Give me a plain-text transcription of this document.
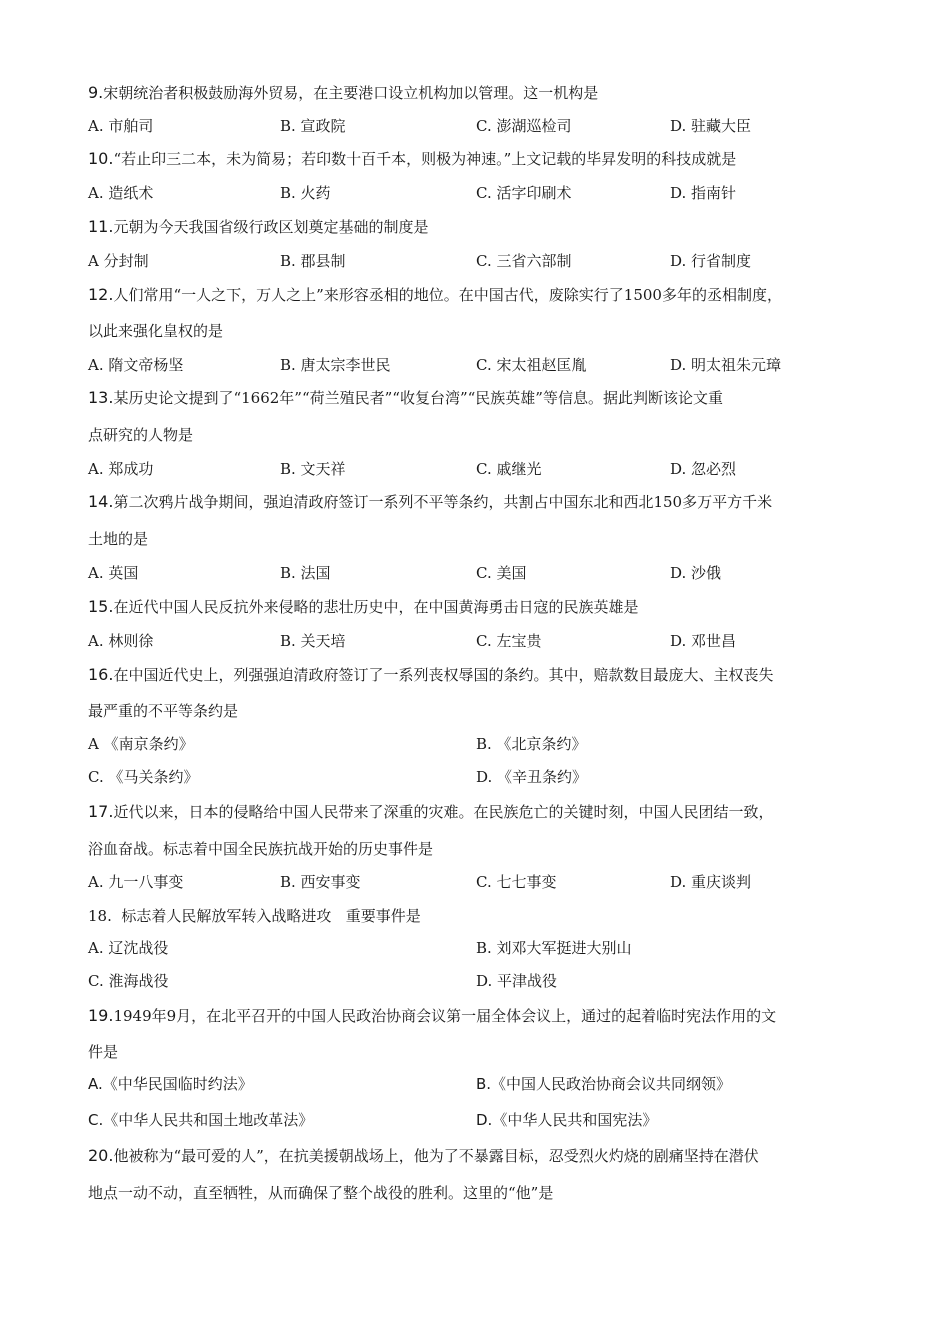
9.宋朝统治者积极鼓励海外贸易，在主要港口设立机构加以管理。这一机构是
A. 市舶司	B. 宣政院	C. 澎湖巡检司	D. 驻藏大臣
10.“若止印三二本，未为简易；若印数十百千本，则极为神速。”上文记载的毕昇发明的科技成就是
A. 造纸术	B. 火药	C. 活字印刷术	D. 指南针
11.元朝为今天我国省级行政区划奠定基础的制度是
A 分封制	B. 郡县制	C. 三省六部制	D. 行省制度
12.人们常用“一人之下，万人之上”来形容丞相的地位。在中国古代，废除实行了1500多年的丞相制度，
以此来强化皇权的是
A. 隋文帝杨坚	B. 唐太宗李世民	C. 宋太祖赵匡胤	D. 明太祖朱元璋
13.某历史论文提到了“1662年”“荷兰殖民者”“收复台湾”“民族英雄”等信息。据此判断该论文重
点研究的人物是
A. 郑成功	B. 文天祥	C. 戚继光	D. 忽必烈
14.第二次鸦片战争期间，强迫清政府签订一系列不平等条约，共割占中国东北和西北150多万平方千米
土地的是
A. 英国	B. 法国	C. 美国	D. 沙俄
15.在近代中国人民反抗外来侵略的悲壮历史中，在中国黄海勇击日寇的民族英雄是
A. 林则徐	B. 关天培	C. 左宝贵	D. 邓世昌
16.在中国近代史上，列强强迫清政府签订了一系列丧权辱国的条约。其中，赔款数目最庞大、主权丧失
最严重的不平等条约是
A 《南京条约》	B. 《北京条约》
C. 《马关条约》	D. 《辛丑条约》
17.近代以来，日本的侵略给中国人民带来了深重的灾难。在民族危亡的关键时刻，中国人民团结一致，
浴血奋战。标志着中国全民族抗战开始的历史事件是
A. 九一八事变	B. 西安事变	C. 七七事变	D. 重庆谈判
18.  标志着人民解放军转入战略进攻   重要事件是
A. 辽沈战役	B. 刘邓大军挺进大别山
C. 淮海战役	D. 平津战役
19.1949年9月，在北平召开的中国人民政治协商会议第一届全体会议上，通过的起着临时宪法作用的文
件是
A.《中华民国临时约法》	B.《中国人民政治协商会议共同纲领》
C.《中华人民共和国土地改革法》	D.《中华人民共和国宪法》
20.他被称为“最可爱的人”，在抗美援朝战场上，他为了不暴露目标，忍受烈火灼烧的剧痛坚持在潜伏
地点一动不动，直至牺牲，从而确保了整个战役的胜利。这里的“他”是
